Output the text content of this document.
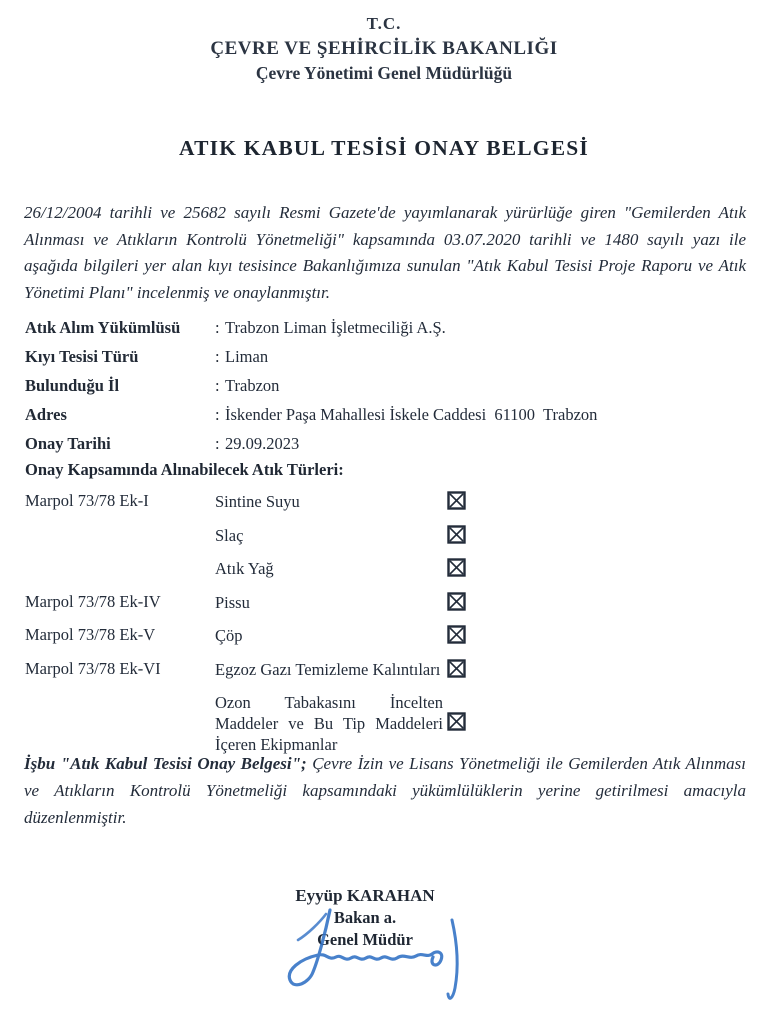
T.C.
ÇEVRE VE ŞEHİRCİLİK BAKANLIĞI
Çevre Yönetimi Genel Müdürlüğü
ATIK KABUL TESİSİ ONAY BELGESİ
26/12/2004 tarihli ve 25682 sayılı Resmi Gazete'de yayımlanarak yürürlüğe giren "Gemilerden Atık Alınması ve Atıkların Kontrolü Yönetmeliği" kapsamında 03.07.2020 tarihli ve 1480 sayılı yazı ile aşağıda bilgileri yer alan kıyı tesisince Bakanlığımıza sunulan "Atık Kabul Tesisi Proje Raporu ve Atık Yönetimi Planı" incelenmiş ve onaylanmıştır.
Atık Alım Yükümlüsü	: Trabzon Liman İşletmeciliği A.Ş.
Kıyı Tesisi Türü	: Liman
Bulunduğu İl	: Trabzon
Adres	: İskender Paşa Mahallesi İskele Caddesi  61100  Trabzon
Onay Tarihi	: 29.09.2023
Onay Kapsamında Alınabilecek Atık Türleri:
Marpol 73/78 Ek-I	Sintine Suyu
Slaç
Atık Yağ
Marpol 73/78 Ek-IV	Pissu
Marpol 73/78 Ek-V	Çöp
Marpol 73/78 Ek-VI	Egzoz Gazı Temizleme Kalıntıları
Ozon Tabakasını İncelten Maddeler ve Bu Tip Maddeleri İçeren Ekipmanlar
İşbu "Atık Kabul Tesisi Onay Belgesi"; Çevre İzin ve Lisans Yönetmeliği ile Gemilerden Atık Alınması ve Atıkların Kontrolü Yönetmeliği kapsamındaki yükümlülüklerin yerine getirilmesi amacıyla düzenlenmiştir.
Eyyüp KARAHAN
Bakan a.
Genel Müdür
